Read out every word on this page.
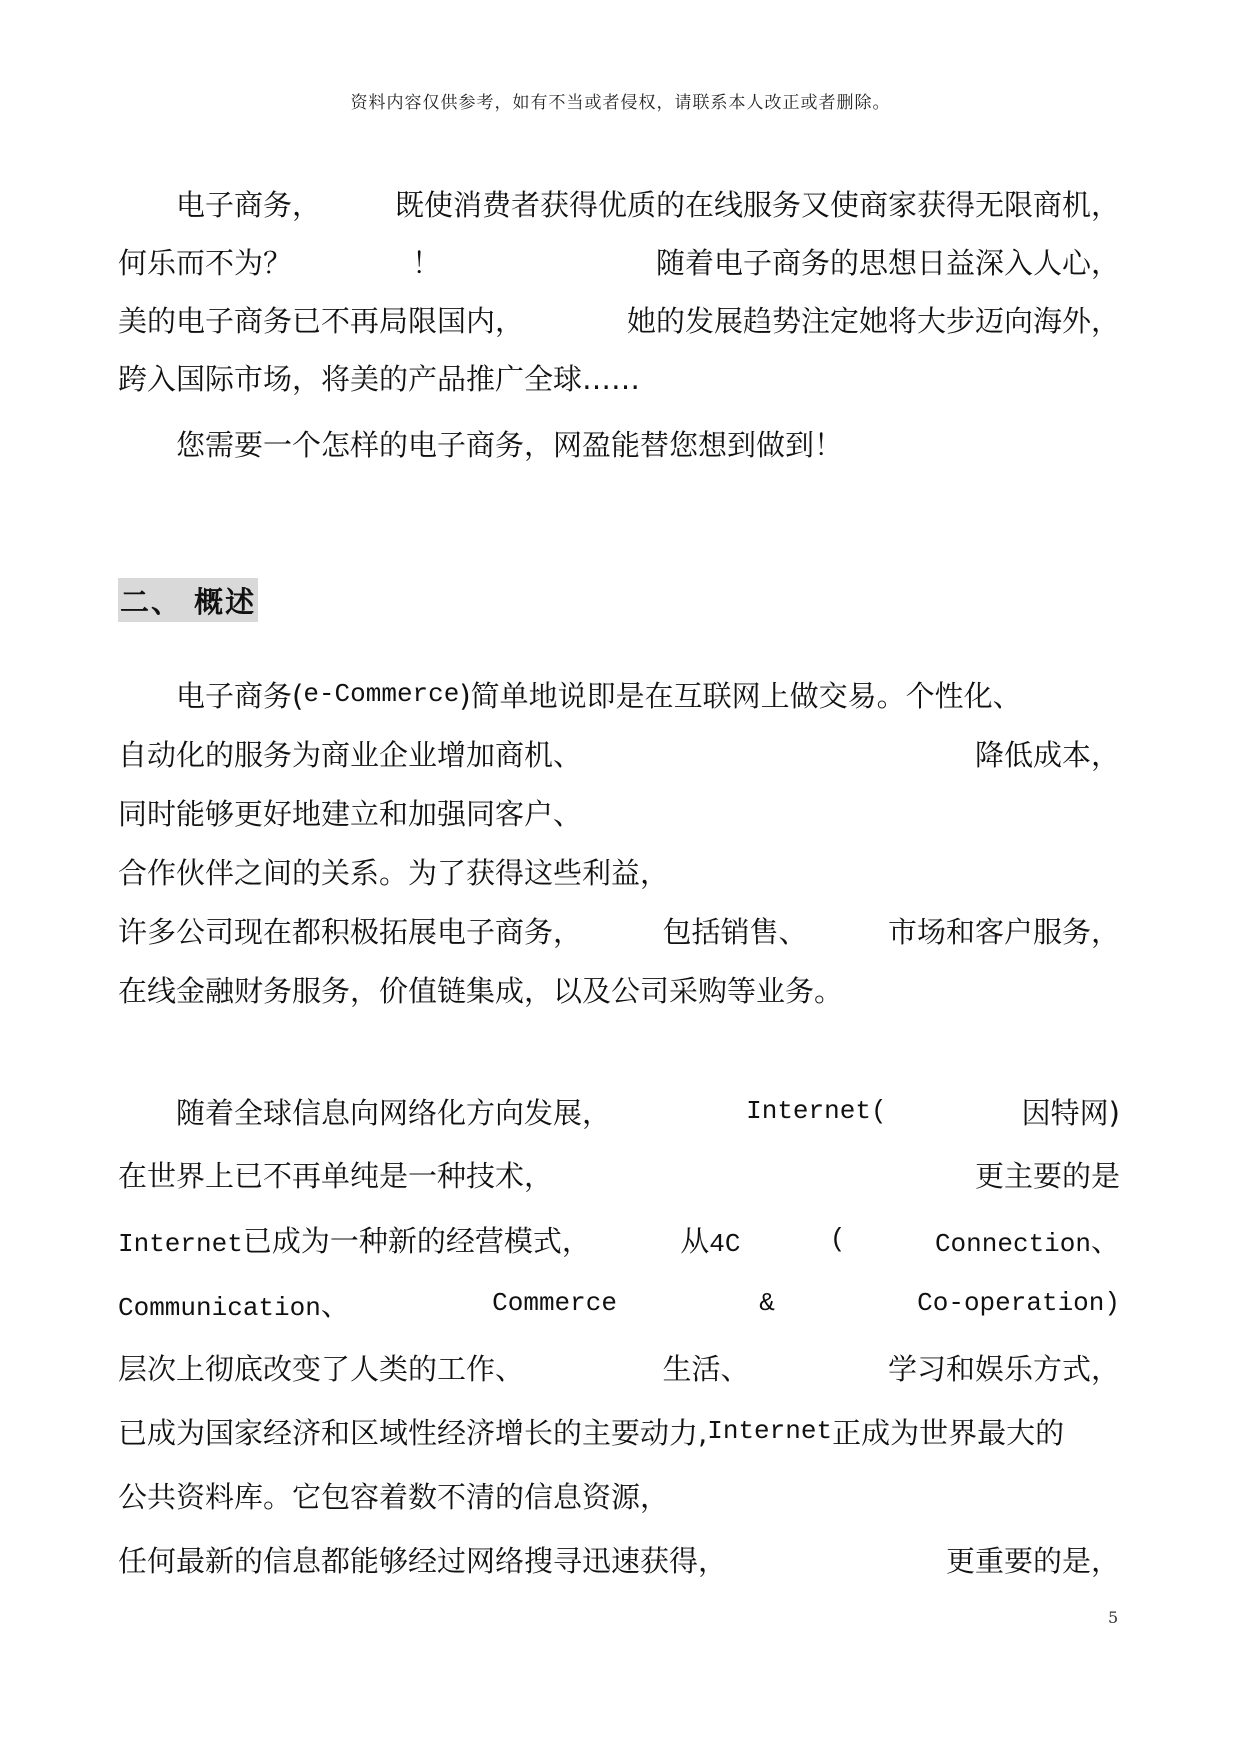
资料内容仅供参考，如有不当或者侵权，请联系本人改正或者删除。
电子商务，	既使消费者获得优质的在线服务又使商家获得无限商机，
何乐而不为？	！	随着电子商务的思想日益深入人心，
美的电子商务已不再局限国内，	她的发展趋势注定她将大步迈向海外，
跨入国际市场，将美的产品推广全球……
您需要一个怎样的电子商务，网盈能替您想到做到！
二、 概述
电子商务( e-Commerce )简单地说即是在互联网上做交易。个性化、
自动化的服务为商业企业增加商机、	降低成本，
同时能够更好地建立和加强同客户、
合作伙伴之间的关系。为了获得这些利益，
许多公司现在都积极拓展电子商务，	包括销售、	市场和客户服务，
在线金融财务服务，价值链集成，以及公司采购等业务。
随着全球信息向网络化方向发展，	Internet(	因特网)
在世界上已不再单纯是一种技术，	更主要的是
Internet已成为一种新的经营模式，	从4C	(	Connection、
Communication、	Commerce	&	Co-operation)
层次上彻底改变了人类的工作、	生活、	学习和娱乐方式，
已成为国家经济和区域性经济增长的主要动力, Internet 正成为世界最大的
公共资料库。它包容着数不清的信息资源，
任何最新的信息都能够经过网络搜寻迅速获得，	更重要的是，
5
